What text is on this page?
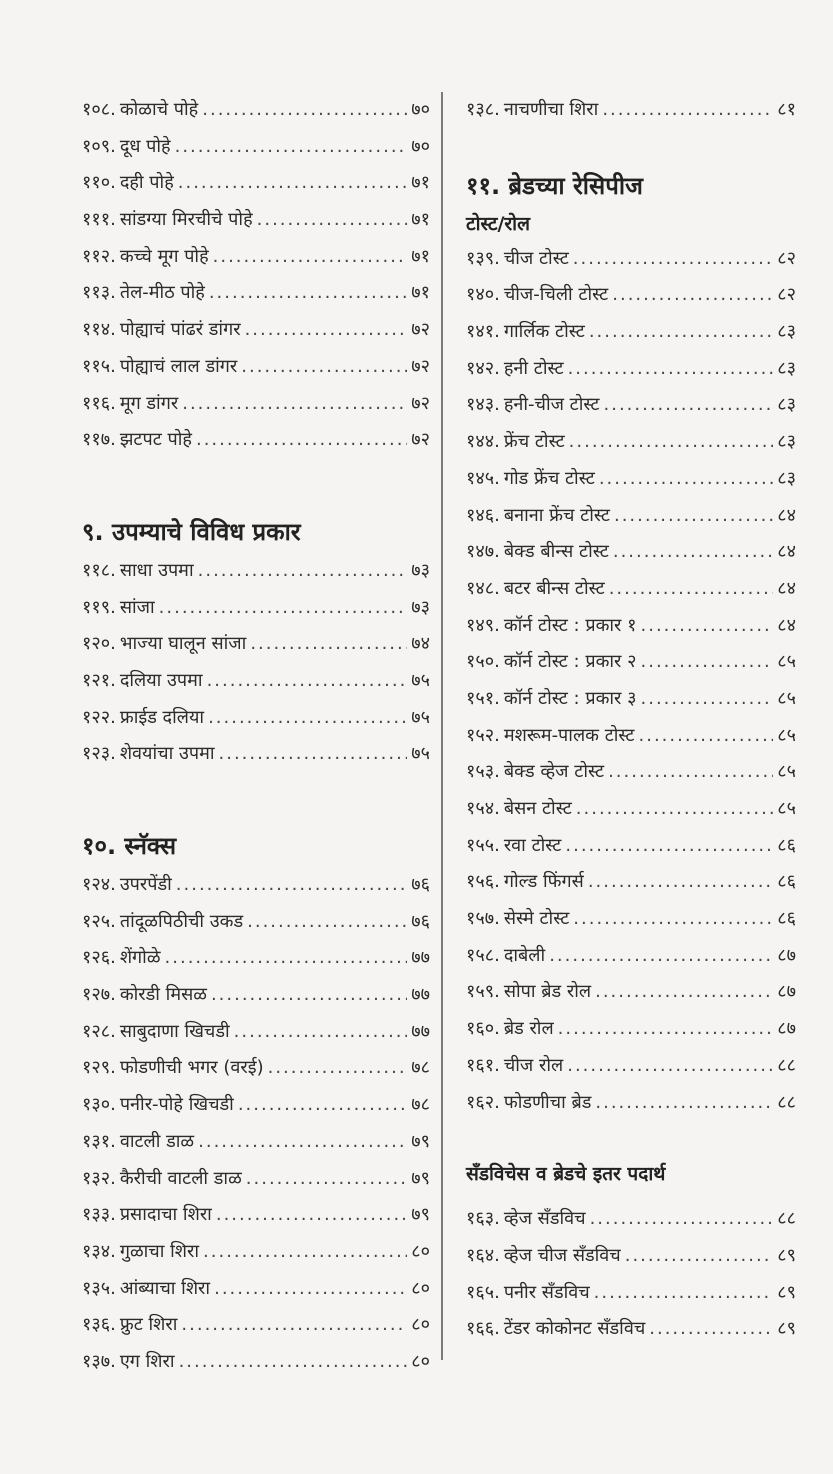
१०८. कोळाचे पोहे .....	७०
१०९. दूध पोहे .....	७०
११०. दही पोहे .....	७१
१११. सांडग्या मिरचीचे पोहे .....	७१
११२. कच्चे मूग पोहे .....	७१
११३. तेल-मीठ पोहे .....	७१
११४. पोह्याचं पांढरं डांगर .....	७२
११५. पोह्याचं लाल डांगर .....	७२
११६. मूग डांगर .....	७२
११७. झटपट पोहे .....	७२
९. उपम्याचे विविध प्रकार
११८. साधा उपमा .....	७३
११९. सांजा .....	७३
१२०. भाज्या घालून सांजा .....	७४
१२१. दलिया उपमा .....	७५
१२२. फ्राईड दलिया .....	७५
१२३. शेवयांचा उपमा .....	७५
१०. स्नॅक्स
१२४. उपरपेंडी .....	७६
१२५. तांदूळपिठीची उकड .....	७६
१२६. शेंगोळे .....	७७
१२७. कोरडी मिसळ .....	७७
१२८. साबुदाणा खिचडी .....	७७
१२९. फोडणीची भगर (वरई) .....	७८
१३०. पनीर-पोहे खिचडी .....	७८
१३१. वाटली डाळ .....	७९
१३२. कैरीची वाटली डाळ .....	७९
१३३. प्रसादाचा शिरा .....	७९
१३४. गुळाचा शिरा .....	८०
१३५. आंब्याचा शिरा .....	८०
१३६. फ्रुट शिरा .....	८०
१३७. एग शिरा .....	८०
१३८. नाचणीचा शिरा .....	८१
११. ब्रेडच्या रेसिपीज
टोस्ट/रोल
१३९. चीज टोस्ट .....	८२
१४०. चीज-चिली टोस्ट .....	८२
१४१. गार्लिक टोस्ट .....	८३
१४२. हनी टोस्ट .....	८३
१४३. हनी-चीज टोस्ट .....	८३
१४४. फ्रेंच टोस्ट .....	८३
१४५. गोड फ्रेंच टोस्ट .....	८३
१४६. बनाना फ्रेंच टोस्ट .....	८४
१४७. बेक्ड बीन्स टोस्ट .....	८४
१४८. बटर बीन्स टोस्ट .....	८४
१४९. कॉर्न टोस्ट : प्रकार १ .....	८४
१५०. कॉर्न टोस्ट : प्रकार २ .....	८५
१५१. कॉर्न टोस्ट : प्रकार ३ .....	८५
१५२. मशरूम-पालक टोस्ट .....	८५
१५३. बेक्ड व्हेज टोस्ट .....	८५
१५४. बेसन टोस्ट .....	८५
१५५. रवा टोस्ट .....	८६
१५६. गोल्ड फिंगर्स .....	८६
१५७. सेस्मे टोस्ट .....	८६
१५८. दाबेली .....	८७
१५९. सोपा ब्रेड रोल .....	८७
१६०. ब्रेड रोल .....	८७
१६१. चीज रोल .....	८८
१६२. फोडणीचा ब्रेड .....	८८
सँडविचेस व ब्रेडचे इतर पदार्थ
१६३. व्हेज सँडविच .....	८८
१६४. व्हेज चीज सँडविच .....	८९
१६५. पनीर सँडविच .....	८९
१६६. टेंडर कोकोनट सँडविच .....	८९
